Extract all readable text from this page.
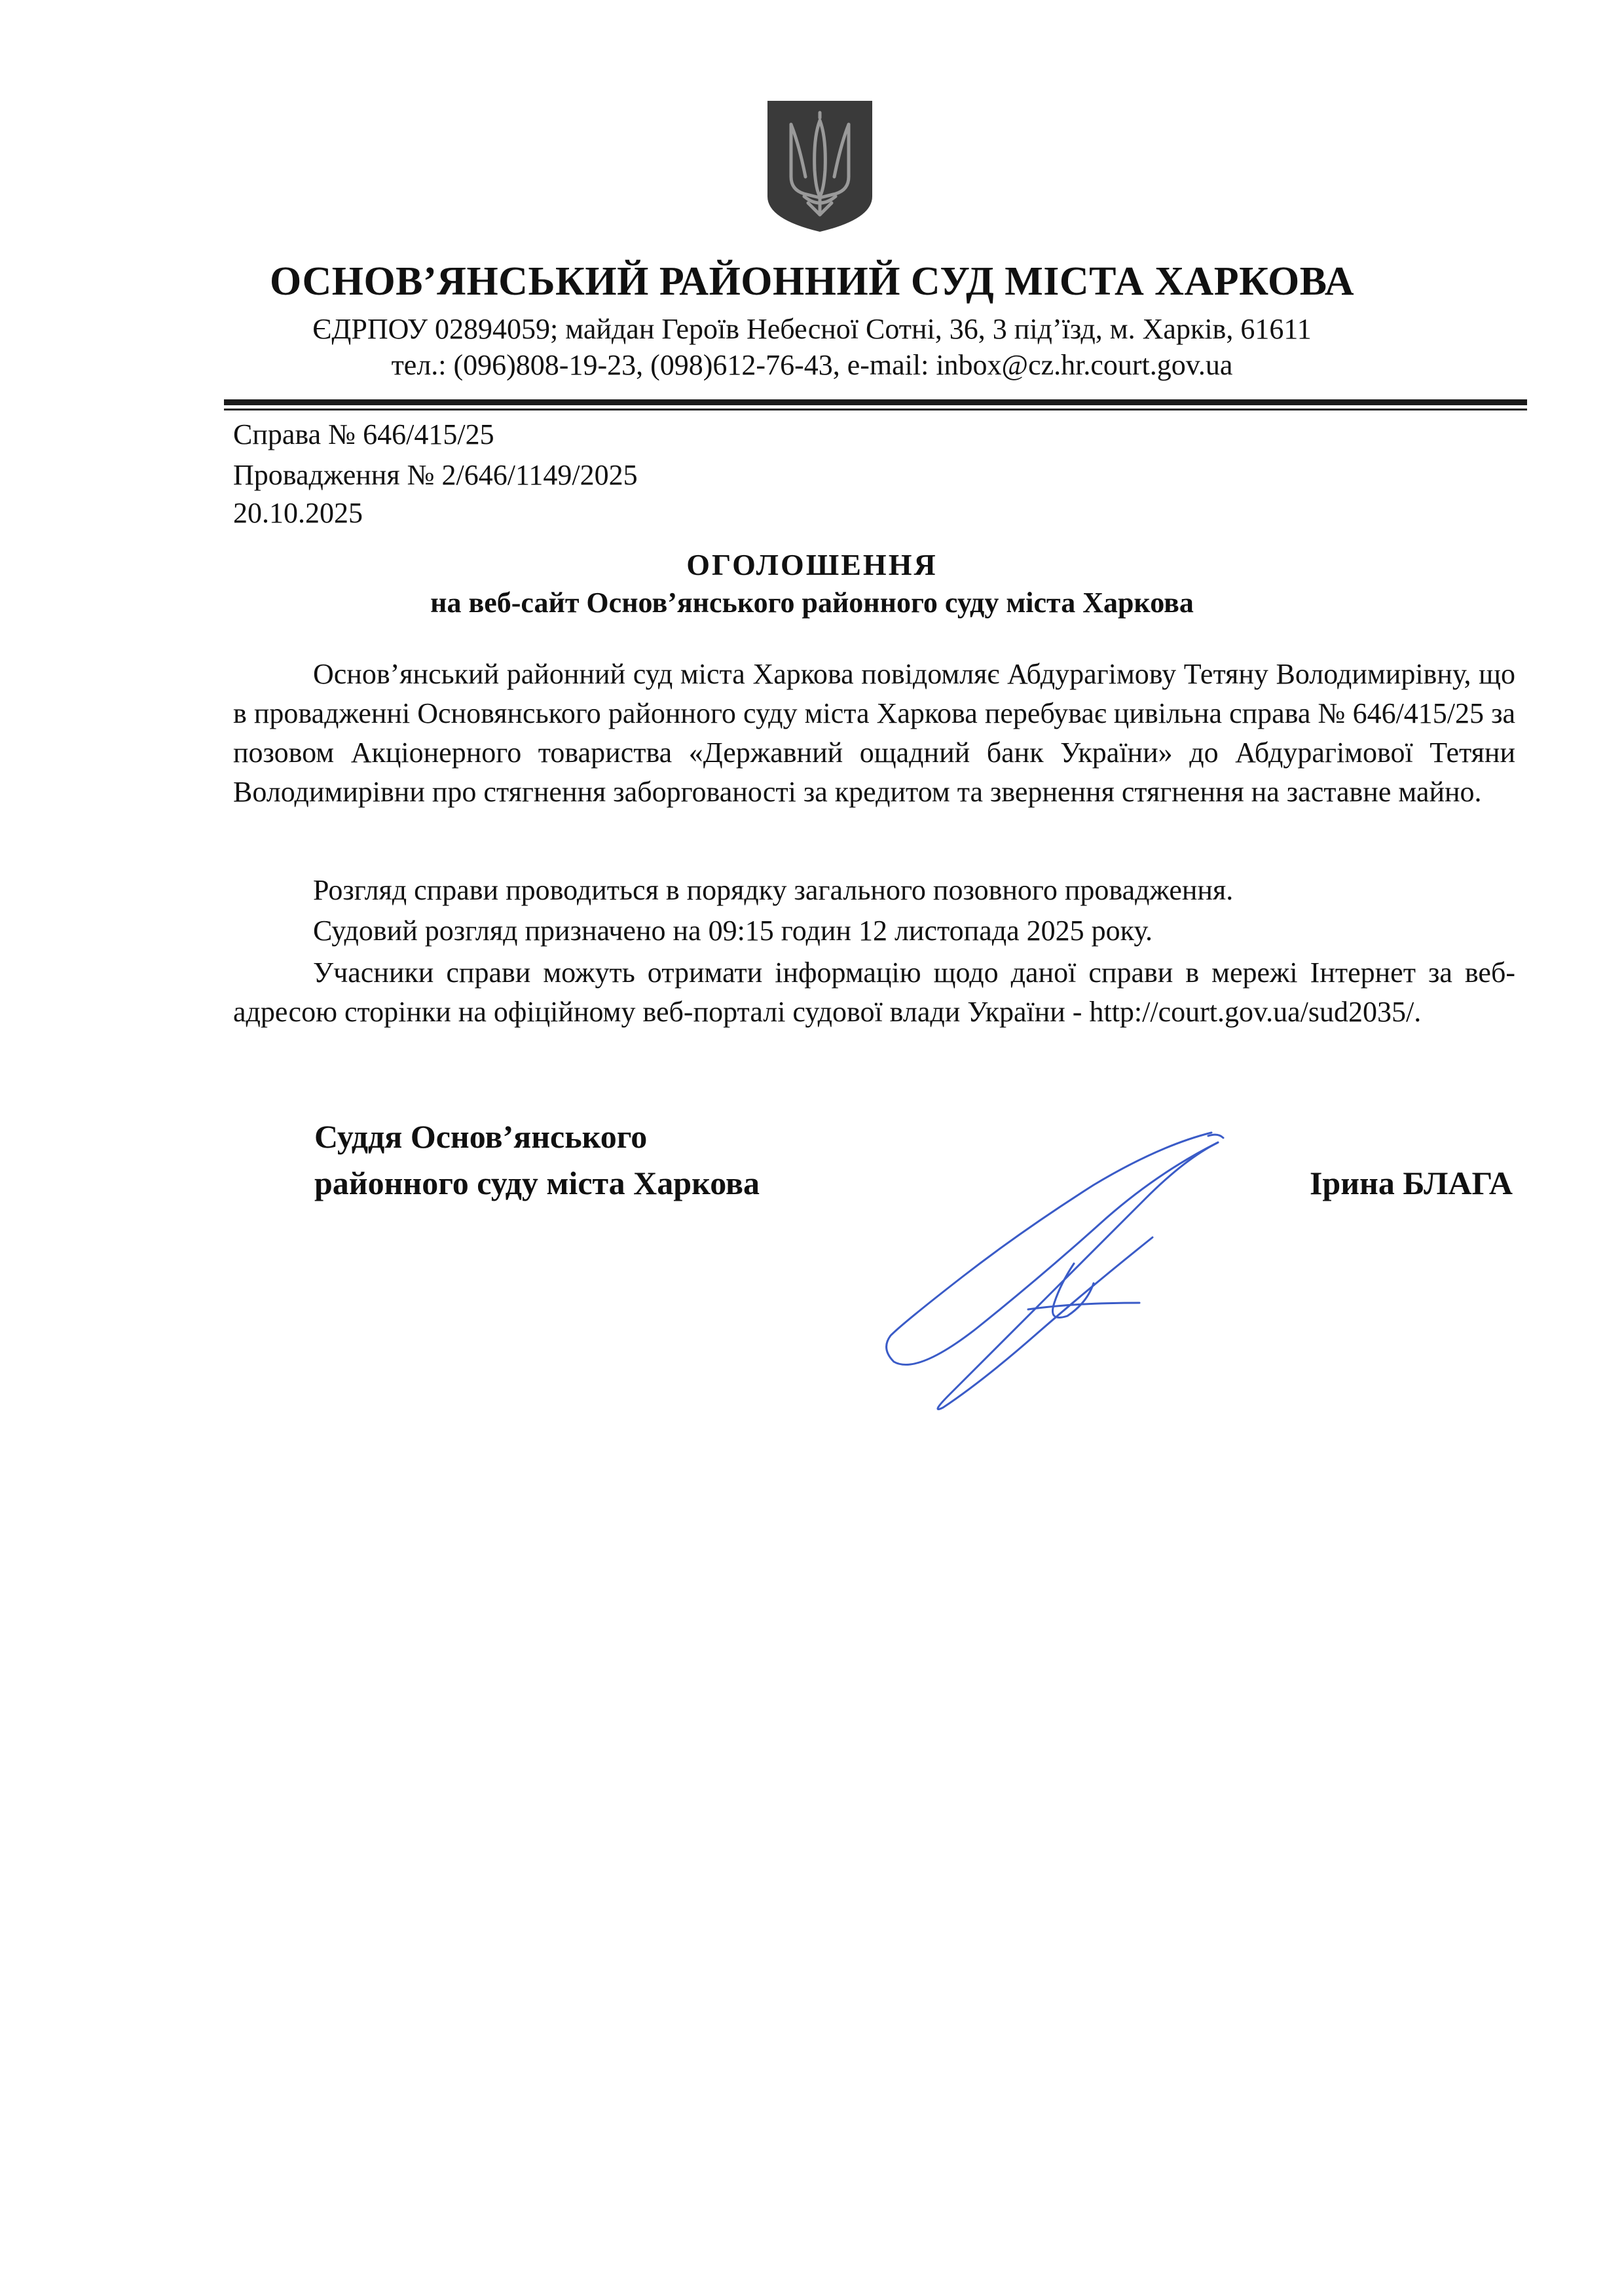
ОСНОВ’ЯНСЬКИЙ РАЙОННИЙ СУД МІСТА ХАРКОВА
ЄДРПОУ 02894059; майдан Героїв Небесної Сотні, 36, 3 під’їзд, м. Харків, 61611
тел.: (096)808-19-23, (098)612-76-43, e-mail: inbox@cz.hr.court.gov.ua
Справа № 646/415/25
Провадження № 2/646/1149/2025
20.10.2025
ОГОЛОШЕННЯ
на веб-сайт Основ’янського районного суду міста Харкова

Основ’янський районний суд міста Харкова повідомляє Абдурагімову Тетяну Володимирівну, що в провадженні Основянського районного суду міста Харкова перебуває цивільна справа № 646/415/25 за позовом Акціонерного товариства «Державний ощадний банк України» до Абдурагімової Тетяни Володимирівни про стягнення заборгованості за кредитом та звернення стягнення на заставне майно.

Розгляд справи проводиться в порядку загального позовного провадження.

Судовий розгляд призначено на 09:15 годин 12 листопада 2025 року.

Учасники справи можуть отримати інформацію щодо даної справи в мережі Інтернет за веб-адресою сторінки на офіційному веб-порталі судової влади України - http://court.gov.ua/sud2035/.

Суддя Основ’янського
районного суду міста Харкова	Ірина БЛАГА
